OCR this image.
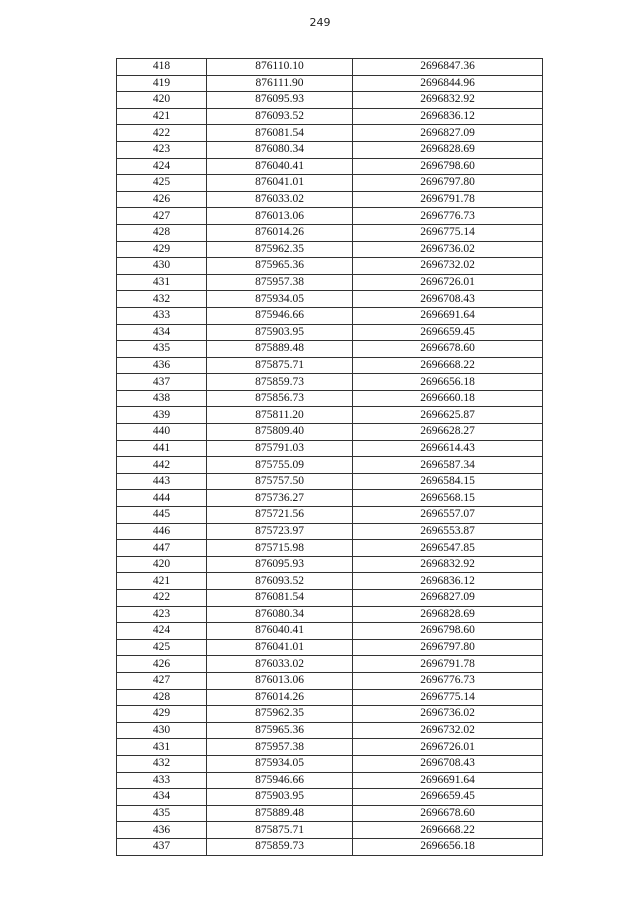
249
418	876110.10	2696847.36
419	876111.90	2696844.96
420	876095.93	2696832.92
421	876093.52	2696836.12
422	876081.54	2696827.09
423	876080.34	2696828.69
424	876040.41	2696798.60
425	876041.01	2696797.80
426	876033.02	2696791.78
427	876013.06	2696776.73
428	876014.26	2696775.14
429	875962.35	2696736.02
430	875965.36	2696732.02
431	875957.38	2696726.01
432	875934.05	2696708.43
433	875946.66	2696691.64
434	875903.95	2696659.45
435	875889.48	2696678.60
436	875875.71	2696668.22
437	875859.73	2696656.18
438	875856.73	2696660.18
439	875811.20	2696625.87
440	875809.40	2696628.27
441	875791.03	2696614.43
442	875755.09	2696587.34
443	875757.50	2696584.15
444	875736.27	2696568.15
445	875721.56	2696557.07
446	875723.97	2696553.87
447	875715.98	2696547.85
420	876095.93	2696832.92
421	876093.52	2696836.12
422	876081.54	2696827.09
423	876080.34	2696828.69
424	876040.41	2696798.60
425	876041.01	2696797.80
426	876033.02	2696791.78
427	876013.06	2696776.73
428	876014.26	2696775.14
429	875962.35	2696736.02
430	875965.36	2696732.02
431	875957.38	2696726.01
432	875934.05	2696708.43
433	875946.66	2696691.64
434	875903.95	2696659.45
435	875889.48	2696678.60
436	875875.71	2696668.22
437	875859.73	2696656.18
